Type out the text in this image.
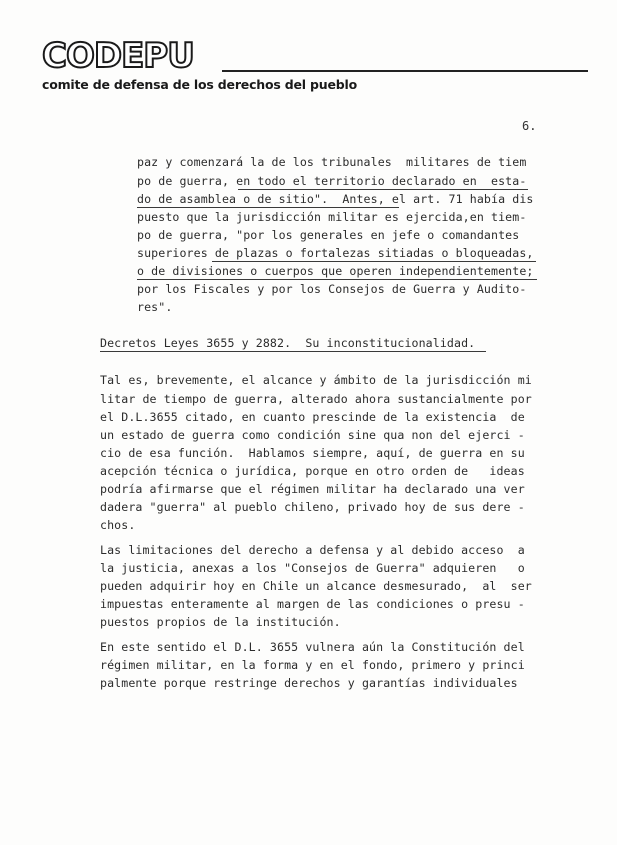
CODEPU
comite de defensa de los derechos del pueblo
6.
paz y comenzará la de los tribunales  militares de tiem
po de guerra, en todo el territorio declarado en  esta-
do de asamblea o de sitio".  Antes, el art. 71 había dis
puesto que la jurisdicción militar es ejercida,en tiem-
po de guerra, "por los generales en jefe o comandantes
superiores de plazas o fortalezas sitiadas o bloqueadas,
o de divisiones o cuerpos que operen independientemente;
por los Fiscales y por los Consejos de Guerra y Audito-
res".
Decretos Leyes 3655 y 2882.  Su inconstitucionalidad.
Tal es, brevemente, el alcance y ámbito de la jurisdicción mi
litar de tiempo de guerra, alterado ahora sustancialmente por
el D.L.3655 citado, en cuanto prescinde de la existencia  de
un estado de guerra como condición sine qua non del ejerci -
cio de esa función.  Hablamos siempre, aquí, de guerra en su
acepción técnica o jurídica, porque en otro orden de   ideas
podría afirmarse que el régimen militar ha declarado una ver
dadera "guerra" al pueblo chileno, privado hoy de sus dere -
chos.
Las limitaciones del derecho a defensa y al debido acceso  a
la justicia, anexas a los "Consejos de Guerra" adquieren   o
pueden adquirir hoy en Chile un alcance desmesurado,  al  ser
impuestas enteramente al margen de las condiciones o presu -
puestos propios de la institución.
En este sentido el D.L. 3655 vulnera aún la Constitución del
régimen militar, en la forma y en el fondo, primero y princi
palmente porque restringe derechos y garantías individuales
